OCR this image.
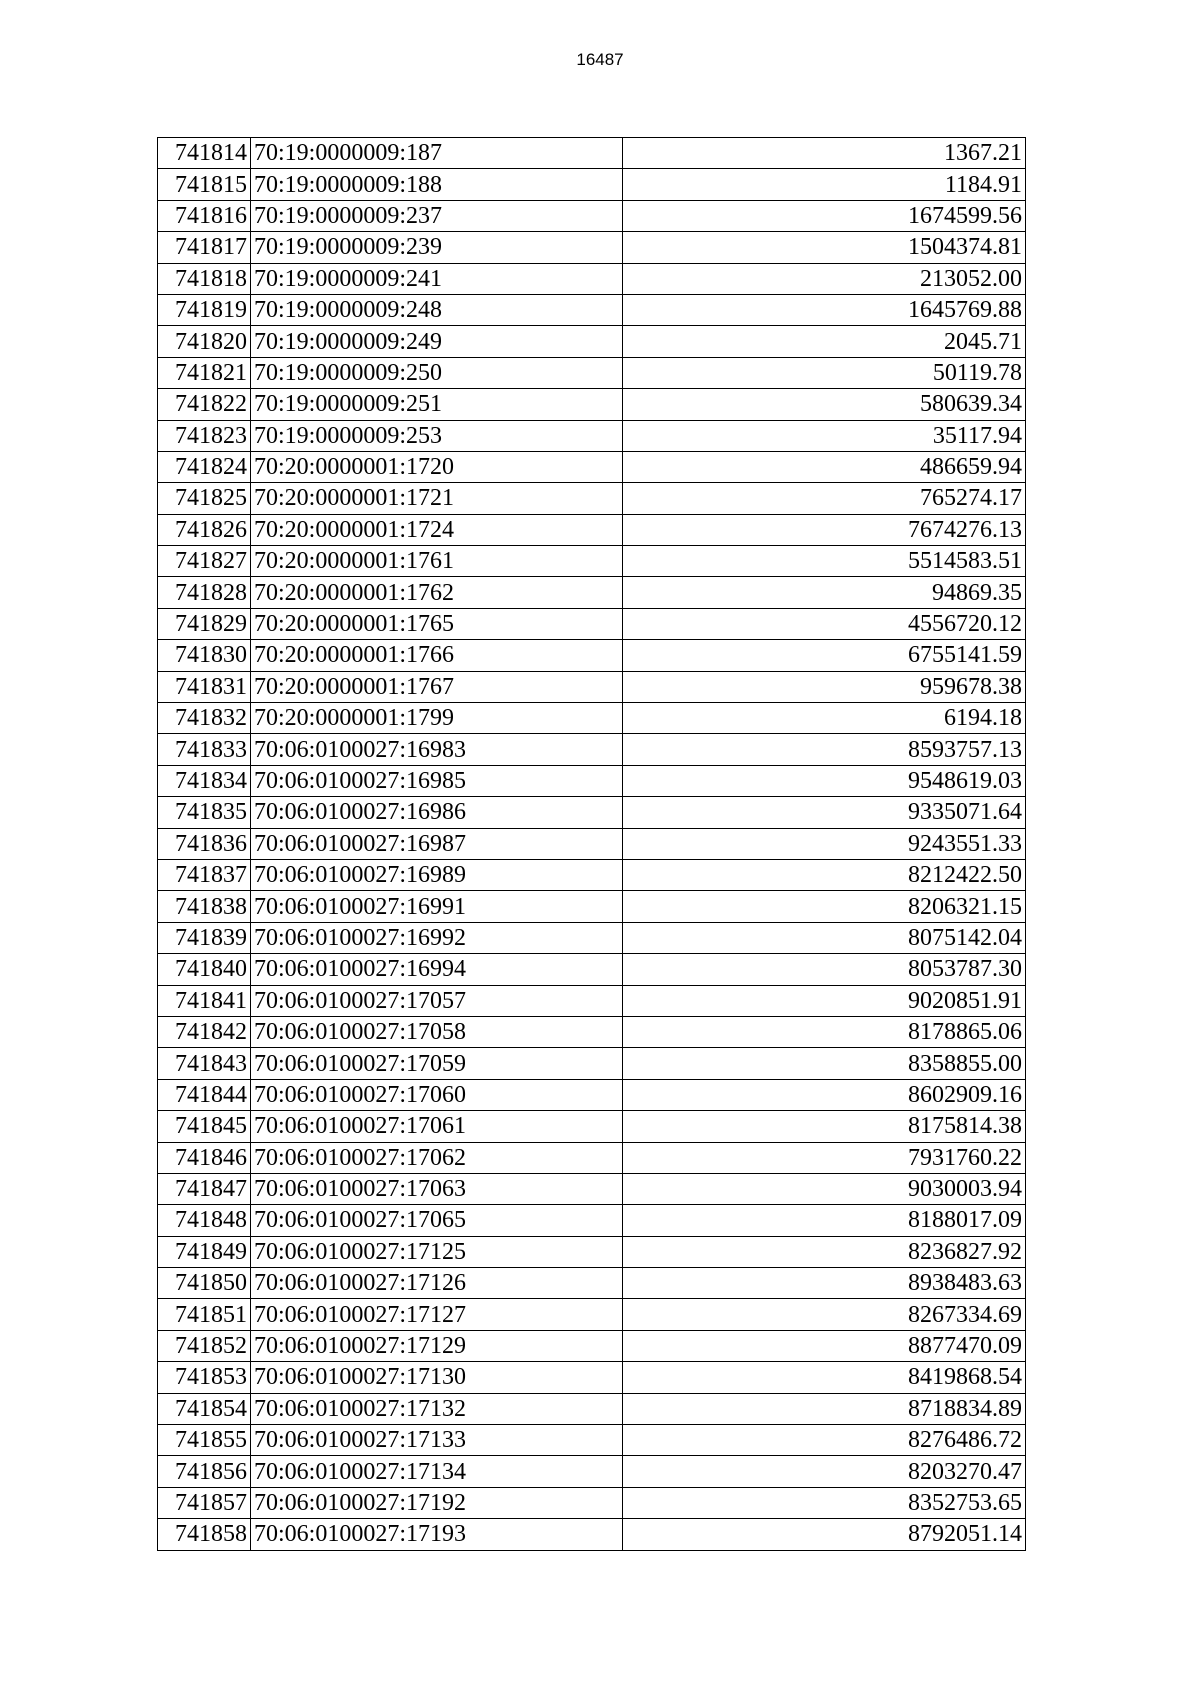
16487
741814	70:19:0000009:187	1367.21
741815	70:19:0000009:188	1184.91
741816	70:19:0000009:237	1674599.56
741817	70:19:0000009:239	1504374.81
741818	70:19:0000009:241	213052.00
741819	70:19:0000009:248	1645769.88
741820	70:19:0000009:249	2045.71
741821	70:19:0000009:250	50119.78
741822	70:19:0000009:251	580639.34
741823	70:19:0000009:253	35117.94
741824	70:20:0000001:1720	486659.94
741825	70:20:0000001:1721	765274.17
741826	70:20:0000001:1724	7674276.13
741827	70:20:0000001:1761	5514583.51
741828	70:20:0000001:1762	94869.35
741829	70:20:0000001:1765	4556720.12
741830	70:20:0000001:1766	6755141.59
741831	70:20:0000001:1767	959678.38
741832	70:20:0000001:1799	6194.18
741833	70:06:0100027:16983	8593757.13
741834	70:06:0100027:16985	9548619.03
741835	70:06:0100027:16986	9335071.64
741836	70:06:0100027:16987	9243551.33
741837	70:06:0100027:16989	8212422.50
741838	70:06:0100027:16991	8206321.15
741839	70:06:0100027:16992	8075142.04
741840	70:06:0100027:16994	8053787.30
741841	70:06:0100027:17057	9020851.91
741842	70:06:0100027:17058	8178865.06
741843	70:06:0100027:17059	8358855.00
741844	70:06:0100027:17060	8602909.16
741845	70:06:0100027:17061	8175814.38
741846	70:06:0100027:17062	7931760.22
741847	70:06:0100027:17063	9030003.94
741848	70:06:0100027:17065	8188017.09
741849	70:06:0100027:17125	8236827.92
741850	70:06:0100027:17126	8938483.63
741851	70:06:0100027:17127	8267334.69
741852	70:06:0100027:17129	8877470.09
741853	70:06:0100027:17130	8419868.54
741854	70:06:0100027:17132	8718834.89
741855	70:06:0100027:17133	8276486.72
741856	70:06:0100027:17134	8203270.47
741857	70:06:0100027:17192	8352753.65
741858	70:06:0100027:17193	8792051.14
